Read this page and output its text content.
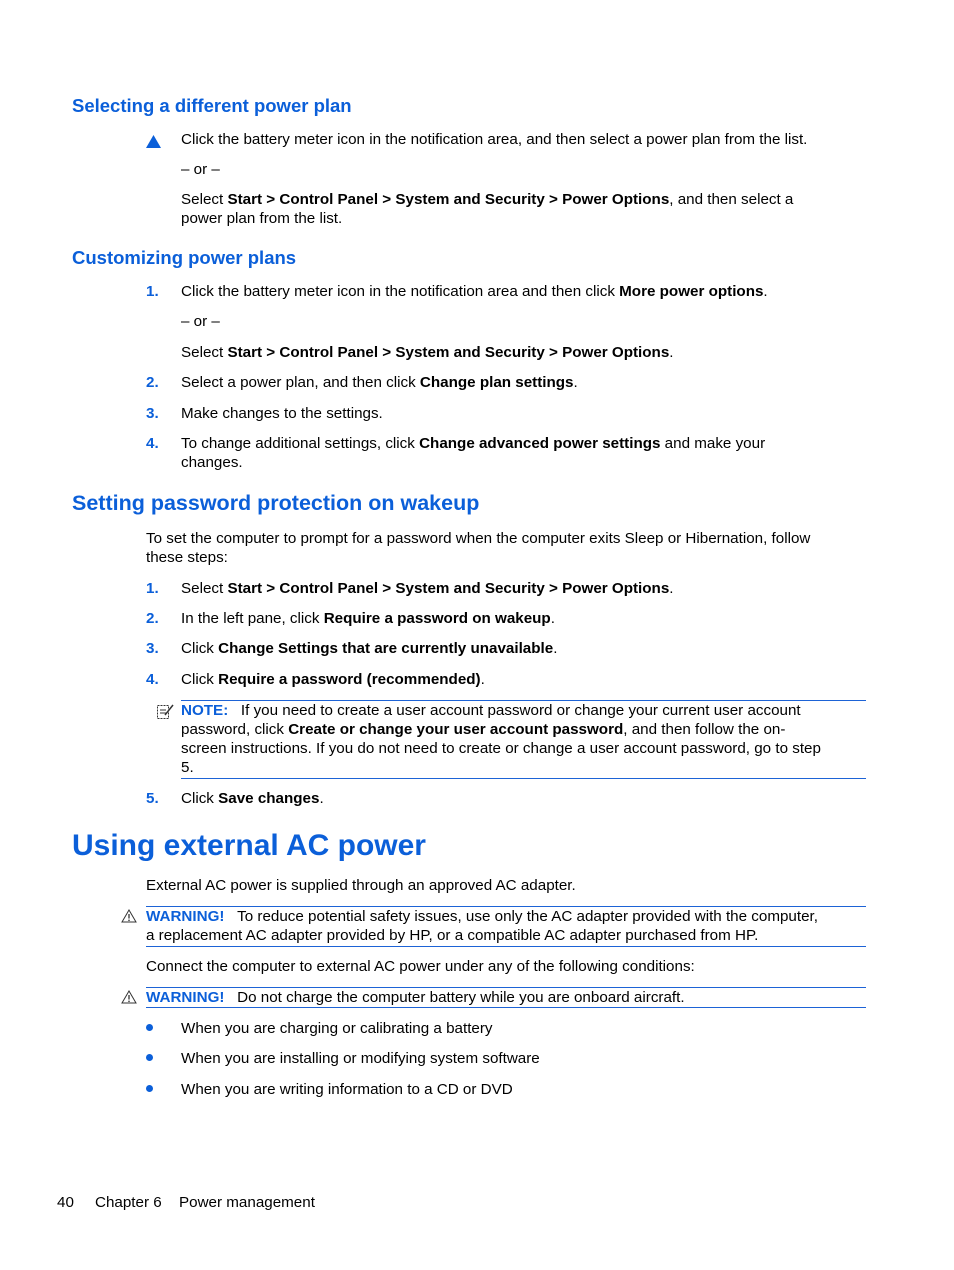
Selecting a different power plan
Click the battery meter icon in the notification area, and then select a power plan from the list.
– or –
Select Start > Control Panel > System and Security > Power Options, and then select a
power plan from the list.
Customizing power plans
1. Click the battery meter icon in the notification area and then click More power options.
– or –
Select Start > Control Panel > System and Security > Power Options.
2. Select a power plan, and then click Change plan settings.
3. Make changes to the settings.
4. To change additional settings, click Change advanced power settings and make your
changes.
Setting password protection on wakeup
To set the computer to prompt for a password when the computer exits Sleep or Hibernation, follow
these steps:
1. Select Start > Control Panel > System and Security > Power Options.
2. In the left pane, click Require a password on wakeup.
3. Click Change Settings that are currently unavailable.
4. Click Require a password (recommended).
NOTE: If you need to create a user account password or change your current user account
password, click Create or change your user account password, and then follow the on-
screen instructions. If you do not need to create or change a user account password, go to step
5.
5. Click Save changes.
Using external AC power
External AC power is supplied through an approved AC adapter.
WARNING! To reduce potential safety issues, use only the AC adapter provided with the computer,
a replacement AC adapter provided by HP, or a compatible AC adapter purchased from HP.
Connect the computer to external AC power under any of the following conditions:
WARNING! Do not charge the computer battery while you are onboard aircraft.
When you are charging or calibrating a battery
When you are installing or modifying system software
When you are writing information to a CD or DVD
40 Chapter 6 Power management
